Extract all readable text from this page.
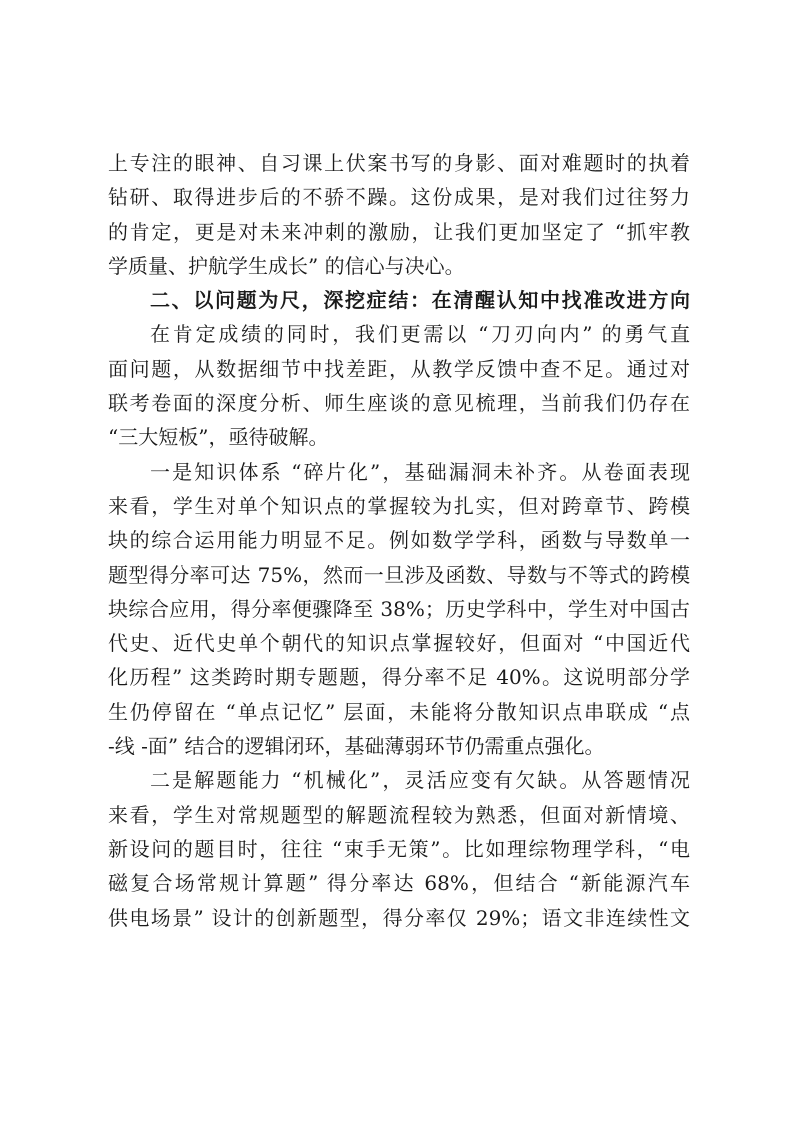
上专注的眼神、自习课上伏案书写的身影、面对难题时的执着
钻研、取得进步后的不骄不躁。这份成果，是对我们过往努力
的肯定，更是对未来冲刺的激励，让我们更加坚定了 “抓牢教
学质量、护航学生成长” 的信心与决心。
二、以问题为尺，深挖症结：在清醒认知中找准改进方向
在肯定成绩的同时，我们更需以 “刀刃向内” 的勇气直
面问题，从数据细节中找差距，从教学反馈中查不足。通过对
联考卷面的深度分析、师生座谈的意见梳理，当前我们仍存在
“三大短板”，亟待破解。
一是知识体系 “碎片化”，基础漏洞未补齐。从卷面表现
来看，学生对单个知识点的掌握较为扎实，但对跨章节、跨模
块的综合运用能力明显不足。例如数学学科，函数与导数单一
题型得分率可达 75%，然而一旦涉及函数、导数与不等式的跨模
块综合应用，得分率便骤降至 38%；历史学科中，学生对中国古
代史、近代史单个朝代的知识点掌握较好，但面对 “中国近代
化历程” 这类跨时期专题题，得分率不足 40%。这说明部分学
生仍停留在 “单点记忆” 层面，未能将分散知识点串联成 “点
-线 -面” 结合的逻辑闭环，基础薄弱环节仍需重点强化。
二是解题能力 “机械化”，灵活应变有欠缺。从答题情况
来看，学生对常规题型的解题流程较为熟悉，但面对新情境、
新设问的题目时，往往 “束手无策”。比如理综物理学科，“电
磁复合场常规计算题” 得分率达 68%，但结合 “新能源汽车
供电场景” 设计的创新题型，得分率仅 29%；语文非连续性文
